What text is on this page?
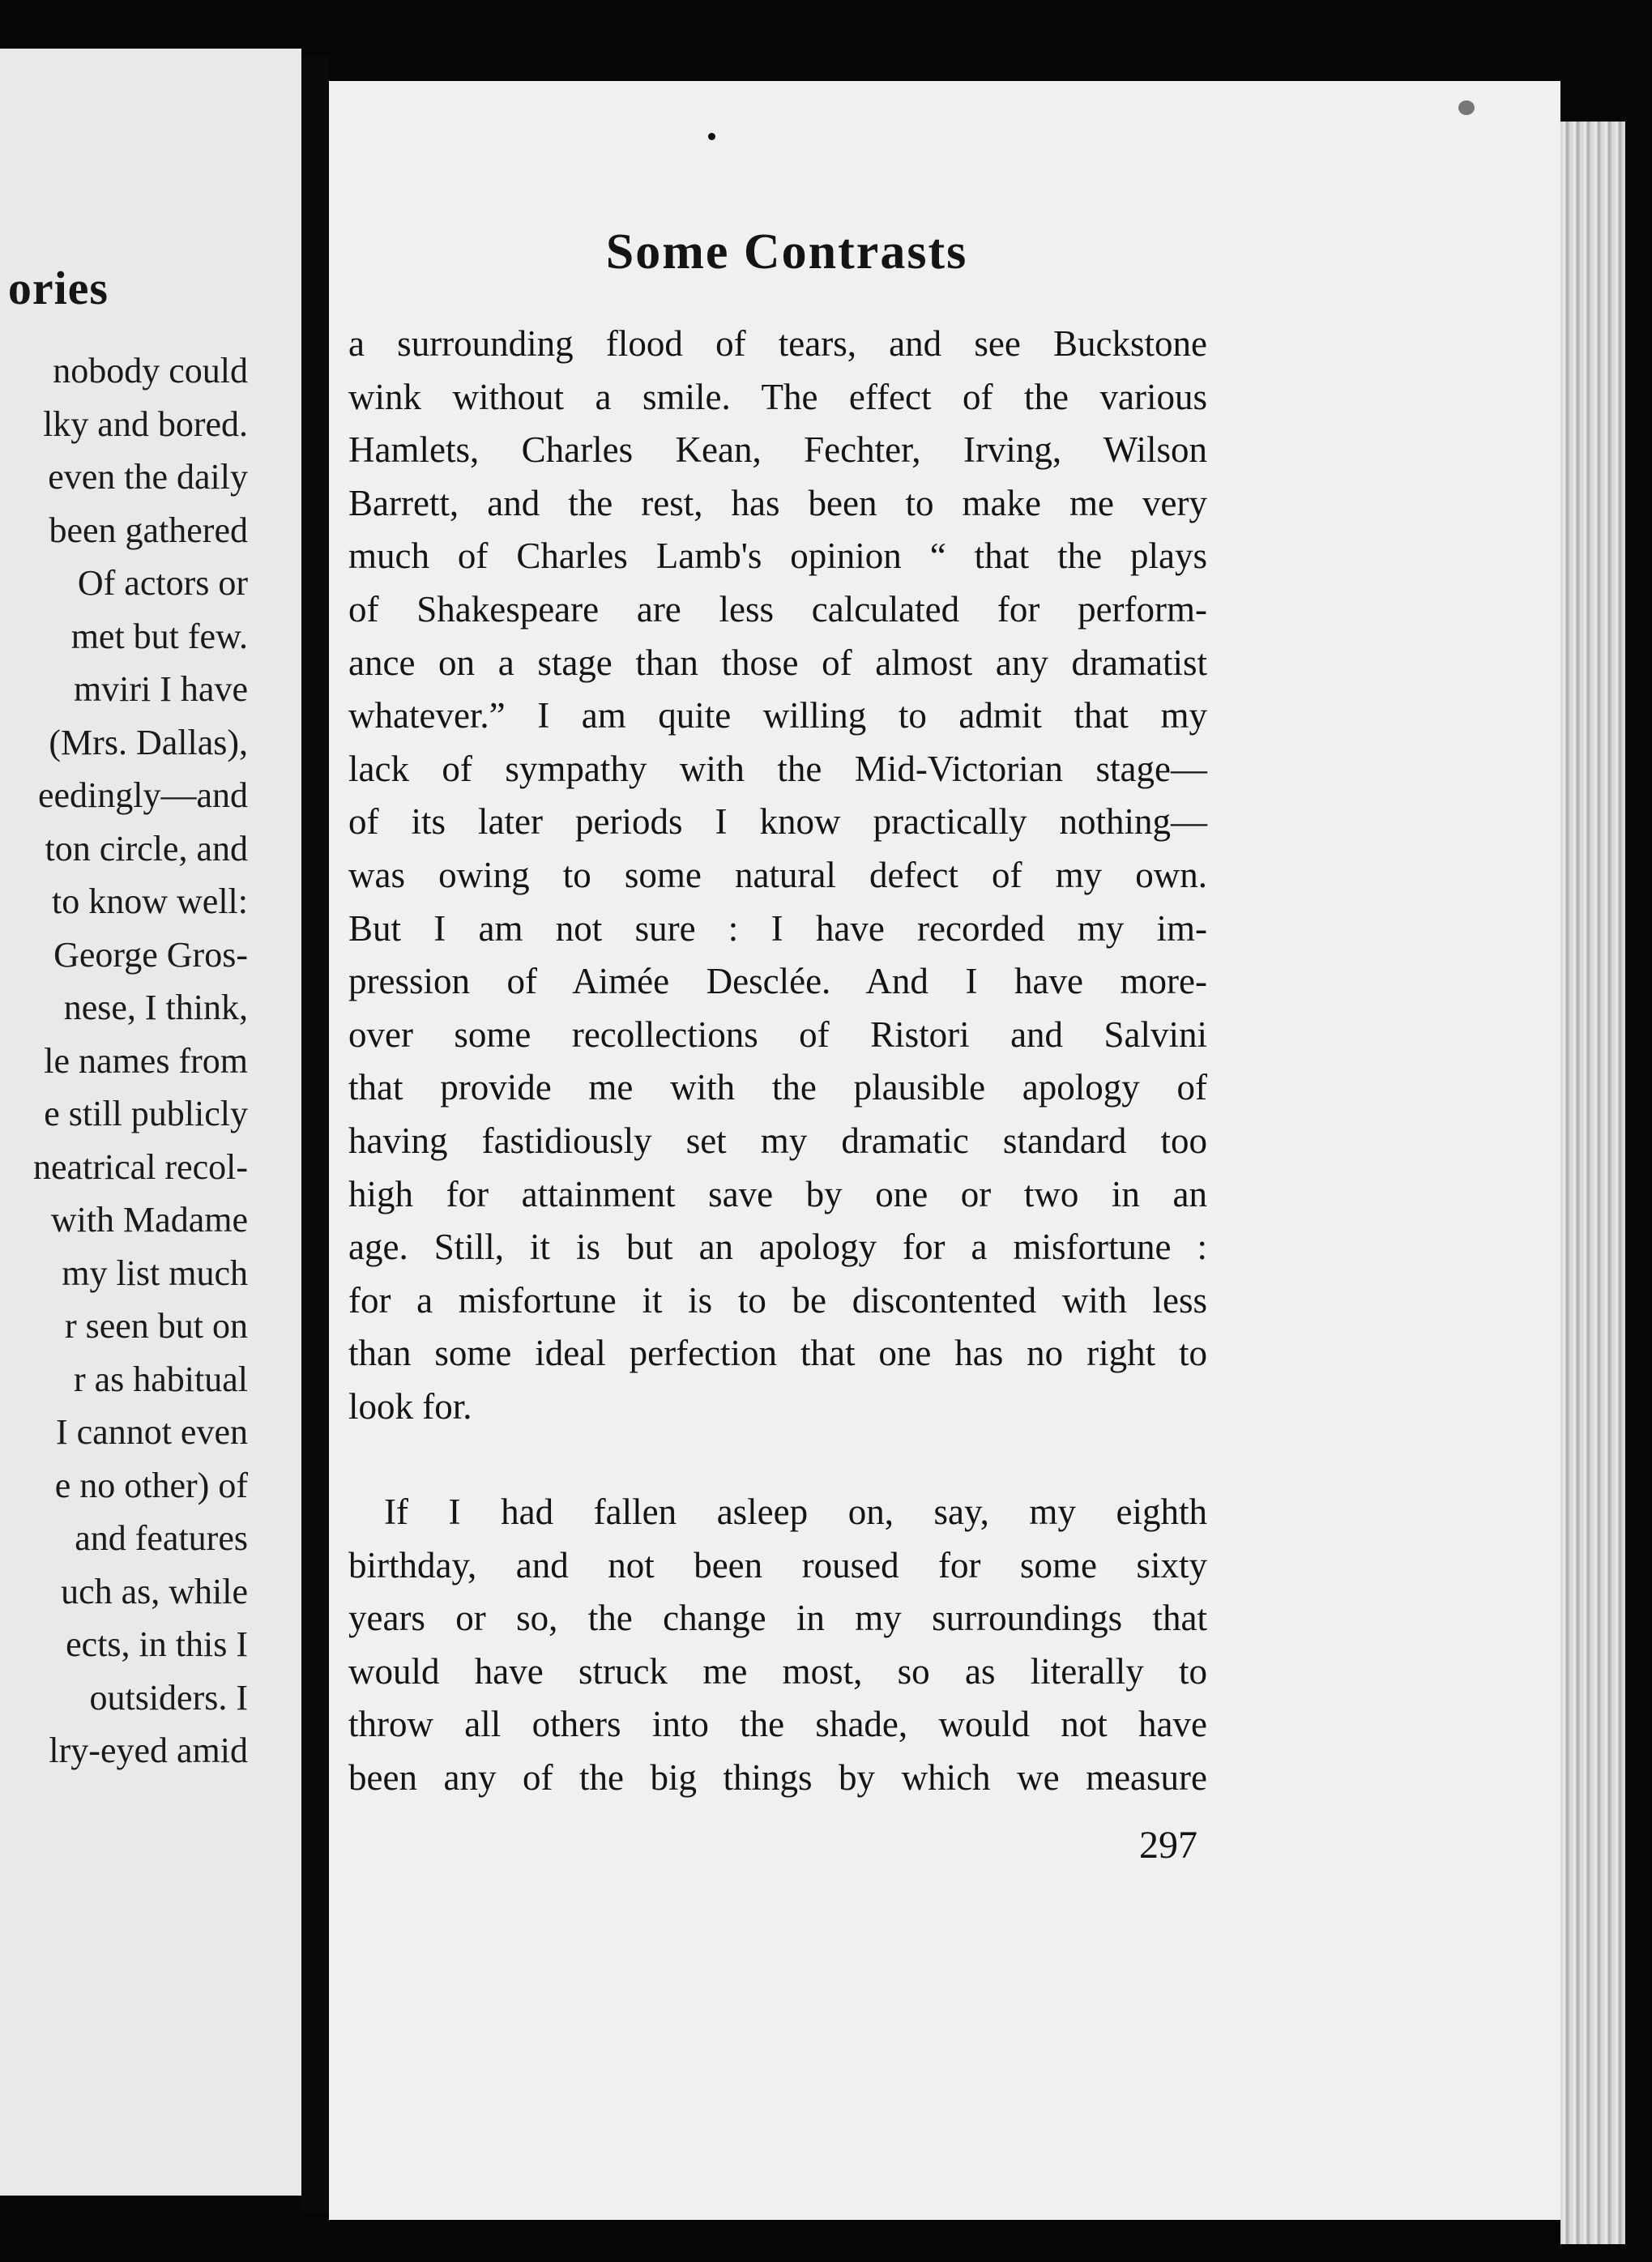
ories
nobody could
lky and bored.
even the daily
been gathered
Of actors or
met but few.
mviri I have
(Mrs. Dallas),
eedingly—and
ton circle, and
to know well:
George Gros-
nese, I think,
le names from
e still publicly
neatrical recol-
with Madame
my list much
r seen but on
r as habitual
I cannot even
e no other) of
and features
uch as, while
ects, in this I
outsiders. I
lry-eyed amid
Some Contrasts

a surrounding flood of tears, and see Buckstone

wink without a smile. The effect of the various

Hamlets, Charles Kean, Fechter, Irving, Wilson

Barrett, and the rest, has been to make me very

much of Charles Lamb's opinion “ that the plays

of Shakespeare are less calculated for perform-

ance on a stage than those of almost any dramatist

whatever.” I am quite willing to admit that my

lack of sympathy with the Mid-Victorian stage—

of its later periods I know practically nothing—

was owing to some natural defect of my own.

But I am not sure : I have recorded my im-

pression of Aimée Desclée. And I have more-

over some recollections of Ristori and Salvini

that provide me with the plausible apology of

having fastidiously set my dramatic standard too

high for attainment save by one or two in an

age. Still, it is but an apology for a misfortune :

for a misfortune it is to be discontented with less

than some ideal perfection that one has no right to

look for.

If I had fallen asleep on, say, my eighth

birthday, and not been roused for some sixty

years or so, the change in my surroundings that

would have struck me most, so as literally to

throw all others into the shade, would not have

been any of the big things by which we measure

297
